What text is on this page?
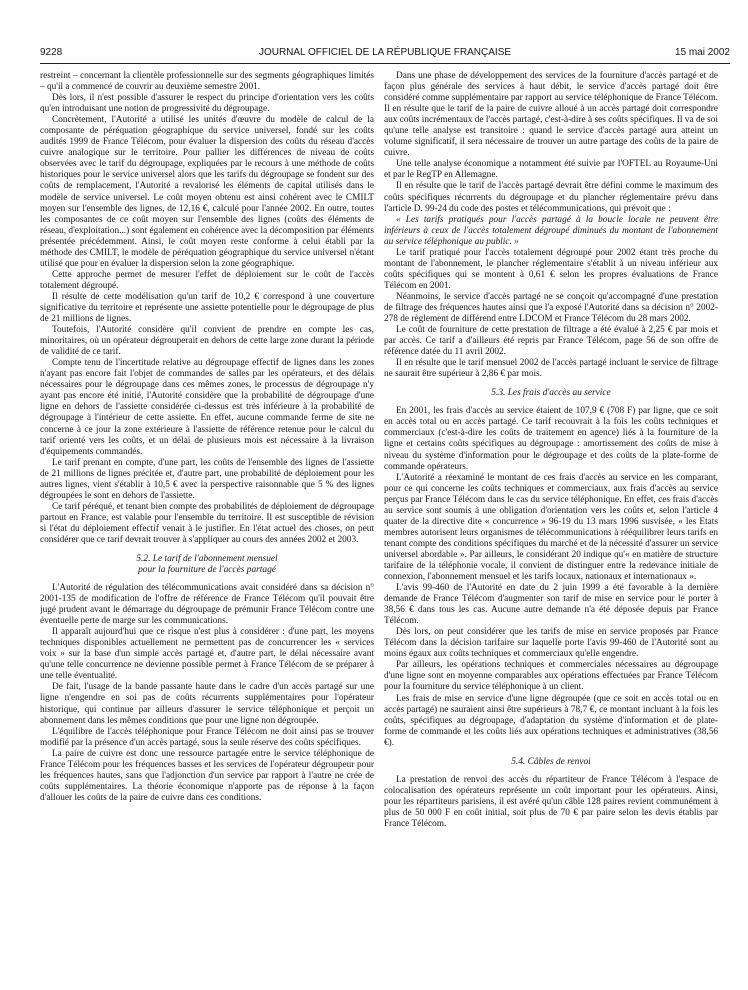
9228	JOURNAL OFFICIEL DE LA RÉPUBLIQUE FRANÇAISE	15 mai 2002

restreint – concernant la clientèle professionnelle sur des segments géographiques limités – qu'il a commencé de couvrir au deuxième semestre 2001.

Dès lors, il n'est possible d'assurer le respect du principe d'orientation vers les coûts qu'en introduisant une notion de progressivité du dégroupage.

Concrètement, l'Autorité a utilisé les unités d'œuvre du modèle de calcul de la composante de péréquation géographique du service universel, fondé sur les coûts audités 1999 de France Télécom, pour évaluer la dispersion des coûts du réseau d'accès cuivre analogique sur le territoire. Pour pallier les différences de niveau de coûts observées avec le tarif du dégroupage, expliquées par le recours à une méthode de coûts historiques pour le service universel alors que les tarifs du dégroupage se fondent sur des coûts de remplacement, l'Autorité a revalorisé les éléments de capital utilisés dans le modèle de service universel. Le coût moyen obtenu est ainsi cohérent avec le CMILT moyen sur l'ensemble des lignes, de 12,16 €, calculé pour l'année 2002. En outre, toutes les composantes de ce coût moyen sur l'ensemble des lignes (coûts des éléments de réseau, d'exploitation...) sont également en cohérence avec la décomposition par éléments présentée précédemment. Ainsi, le coût moyen reste conforme à celui établi par la méthode des CMILT, le modèle de péréquation géographique du service universel n'étant utilisé que pour en évaluer la dispersion selon la zone géographique.

Cette approche permet de mesurer l'effet de déploiement sur le coût de l'accès totalement dégroupé.

Il résulte de cette modélisation qu'un tarif de 10,2 € correspond à une couverture significative du territoire et représente une assiette potentielle pour le dégroupage de plus de 21 millions de lignes.

Toutefois, l'Autorité considère qu'il convient de prendre en compte les cas, minoritaires, où un opérateur dégrouperait en dehors de cette large zone durant la période de validité de ce tarif.

Compte tenu de l'incertitude relative au dégroupage effectif de lignes dans les zones n'ayant pas encore fait l'objet de commandes de salles par les opérateurs, et des délais nécessaires pour le dégroupage dans ces mêmes zones, le processus de dégroupage n'y ayant pas encore été initié, l'Autorité considère que la probabilité de dégroupage d'une ligne en dehors de l'assiette considérée ci-dessus est très inférieure à la probabilité de dégroupage à l'intérieur de cette assiette. En effet, aucune commande ferme de site ne concerne à ce jour la zone extérieure à l'assiette de référence retenue pour le calcul du tarif orienté vers les coûts, et un délai de plusieurs mois est nécessaire à la livraison d'équipements commandés.

Le tarif prenant en compte, d'une part, les coûts de l'ensemble des lignes de l'assiette de 21 millions de lignes précitée et, d'autre part, une probabilité de déploiement pour les autres lignes, vient s'établir à 10,5 € avec la perspective raisonnable que 5 % des lignes dégroupées le sont en dehors de l'assiette.

Ce tarif péréqué, et tenant bien compte des probabilités de déploiement de dégroupage partout en France, est valable pour l'ensemble du territoire. Il est susceptible de révision si l'état du déploiement effectif venait à le justifier. En l'état actuel des choses, on peut considérer que ce tarif devrait trouver à s'appliquer au cours des années 2002 et 2003.

5.2. Le tarif de l'abonnement mensuel
pour la fourniture de l'accès partagé

L'Autorité de régulation des télécommunications avait considéré dans sa décision n° 2001-135 de modification de l'offre de référence de France Télécom qu'il pouvait être jugé prudent avant le démarrage du dégroupage de prémunir France Télécom contre une éventuelle perte de marge sur les communications.

Il apparaît aujourd'hui que ce risque n'est plus à considérer : d'une part, les moyens techniques disponibles actuellement ne permettent pas de concurrencer les « services voix » sur la base d'un simple accès partagé et, d'autre part, le délai nécessaire avant qu'une telle concurrence ne devienne possible permet à France Télécom de se préparer à une telle éventualité.

De fait, l'usage de la bande passante haute dans le cadre d'un accès partagé sur une ligne n'engendre en soi pas de coûts récurrents supplémentaires pour l'opérateur historique, qui continue par ailleurs d'assurer le service téléphonique et perçoit un abonnement dans les mêmes conditions que pour une ligne non dégroupée.

L'équilibre de l'accès téléphonique pour France Télécom ne doit ainsi pas se trouver modifié par la présence d'un accès partagé, sous la seule réserve des coûts spécifiques.

La paire de cuivre est donc une ressource partagée entre le service téléphonique de France Télécom pour les fréquences basses et les services de l'opérateur dégroupeur pour les fréquences hautes, sans que l'adjonction d'un service par rapport à l'autre ne crée de coûts supplémentaires. La théorie économique n'apporte pas de réponse à la façon d'allouer les coûts de la paire de cuivre dans ces conditions.

Dans une phase de développement des services de la fourniture d'accès partagé et de façon plus générale des services à haut débit, le service d'accès partagé doit être considéré comme supplémentaire par rapport au service téléphonique de France Télécom. Il en résulte que le tarif de la paire de cuivre alloué à un accès partagé doit correspondre aux coûts incrémentaux de l'accès partagé, c'est-à-dire à ses coûts spécifiques. Il va de soi qu'une telle analyse est transitoire : quand le service d'accès partagé aura atteint un volume significatif, il sera nécessaire de trouver un autre partage des coûts de la paire de cuivre.

Une telle analyse économique a notamment été suivie par l'OFTEL au Royaume-Uni et par le RegTP en Allemagne.

Il en résulte que le tarif de l'accès partagé devrait être défini comme le maximum des coûts spécifiques récurrents du dégroupage et du plancher réglementaire prévu dans l'article D. 99-24 du code des postes et télécommunications, qui prévoit que :

« Les tarifs pratiqués pour l'accès partagé à la boucle locale ne peuvent être inférieurs à ceux de l'accès totalement dégroupé diminués du montant de l'abonnement au service téléphonique au public. »

Le tarif pratiqué pour l'accès totalement dégroupé pour 2002 étant très proche du montant de l'abonnement, le plancher réglementaire s'établit à un niveau inférieur aux coûts spécifiques qui se montent à 0,61 € selon les propres évaluations de France Télécom en 2001.

Néanmoins, le service d'accès partagé ne se conçoit qu'accompagné d'une prestation de filtrage des fréquences hautes ainsi que l'a exposé l'Autorité dans sa décision n° 2002-278 de règlement de différend entre LDCOM et France Télécom du 28 mars 2002.

Le coût de fourniture de cette prestation de filtrage a été évalué à 2,25 € par mois et par accès. Ce tarif a d'ailleurs été repris par France Télécom, page 56 de son offre de référence datée du 11 avril 2002.

Il en résulte que le tarif mensuel 2002 de l'accès partagé incluant le service de filtrage ne saurait être supérieur à 2,86 € par mois.

5.3. Les frais d'accès au service

En 2001, les frais d'accès au service étaient de 107,9 € (708 F) par ligne, que ce soit en accès total ou en accès partagé. Ce tarif recouvrait à la fois les coûts techniques et commerciaux (c'est-à-dire les coûts de traitement en agence) liés à la fourniture de la ligne et certains coûts spécifiques au dégroupage : amortissement des coûts de mise à niveau du système d'information pour le dégroupage et des coûts de la plate-forme de commande opérateurs.

L'Autorité a réexaminé le montant de ces frais d'accès au service en les comparant, pour ce qui concerne les coûts techniques et commerciaux, aux frais d'accès au service perçus par France Télécom dans le cas du service téléphonique. En effet, ces frais d'accès au service sont soumis à une obligation d'orientation vers les coûts et, selon l'article 4 quater de la directive dite « concurrence » 96-19 du 13 mars 1996 susvisée, « les Etats membres autorisent leurs organismes de télécommunications à rééquilibrer leurs tarifs en tenant compte des conditions spécifiques du marché et de la nécessité d'assurer un service universel abordable ». Par ailleurs, le considérant 20 indique qu'« en matière de structure tarifaire de la téléphonie vocale, il convient de distinguer entre la redevance initiale de connexion, l'abonnement mensuel et les tarifs locaux, nationaux et internationaux ».

L'avis 99-460 de l'Autorité en date du 2 juin 1999 a été favorable à la dernière demande de France Télécom d'augmenter son tarif de mise en service pour le porter à 38,56 € dans tous les cas. Aucune autre demande n'a été déposée depuis par France Télécom.

Dès lors, on peut considérer que les tarifs de mise en service proposés par France Télécom dans la décision tarifaire sur laquelle porte l'avis 99-460 de l'Autorité sont au moins égaux aux coûts techniques et commerciaux qu'elle engendre.

Par ailleurs, les opérations techniques et commerciales nécessaires au dégroupage d'une ligne sont en moyenne comparables aux opérations effectuées par France Télécom pour la fourniture du service téléphonique à un client.

Les frais de mise en service d'une ligne dégroupée (que ce soit en accès total ou en accès partagé) ne sauraient ainsi être supérieurs à 78,7 €, ce montant incluant à la fois les coûts, spécifiques au dégroupage, d'adaptation du système d'information et de plate-forme de commande et les coûts liés aux opérations techniques et administratives (38,56 €).

5.4. Câbles de renvoi

La prestation de renvoi des accès du répartiteur de France Télécom à l'espace de colocalisation des opérateurs représente un coût important pour les opérateurs. Ainsi, pour les répartiteurs parisiens, il est avéré qu'un câble 128 paires revient communément à plus de 50 000 F en coût initial, soit plus de 70 € par paire selon les devis établis par France Télécom.
